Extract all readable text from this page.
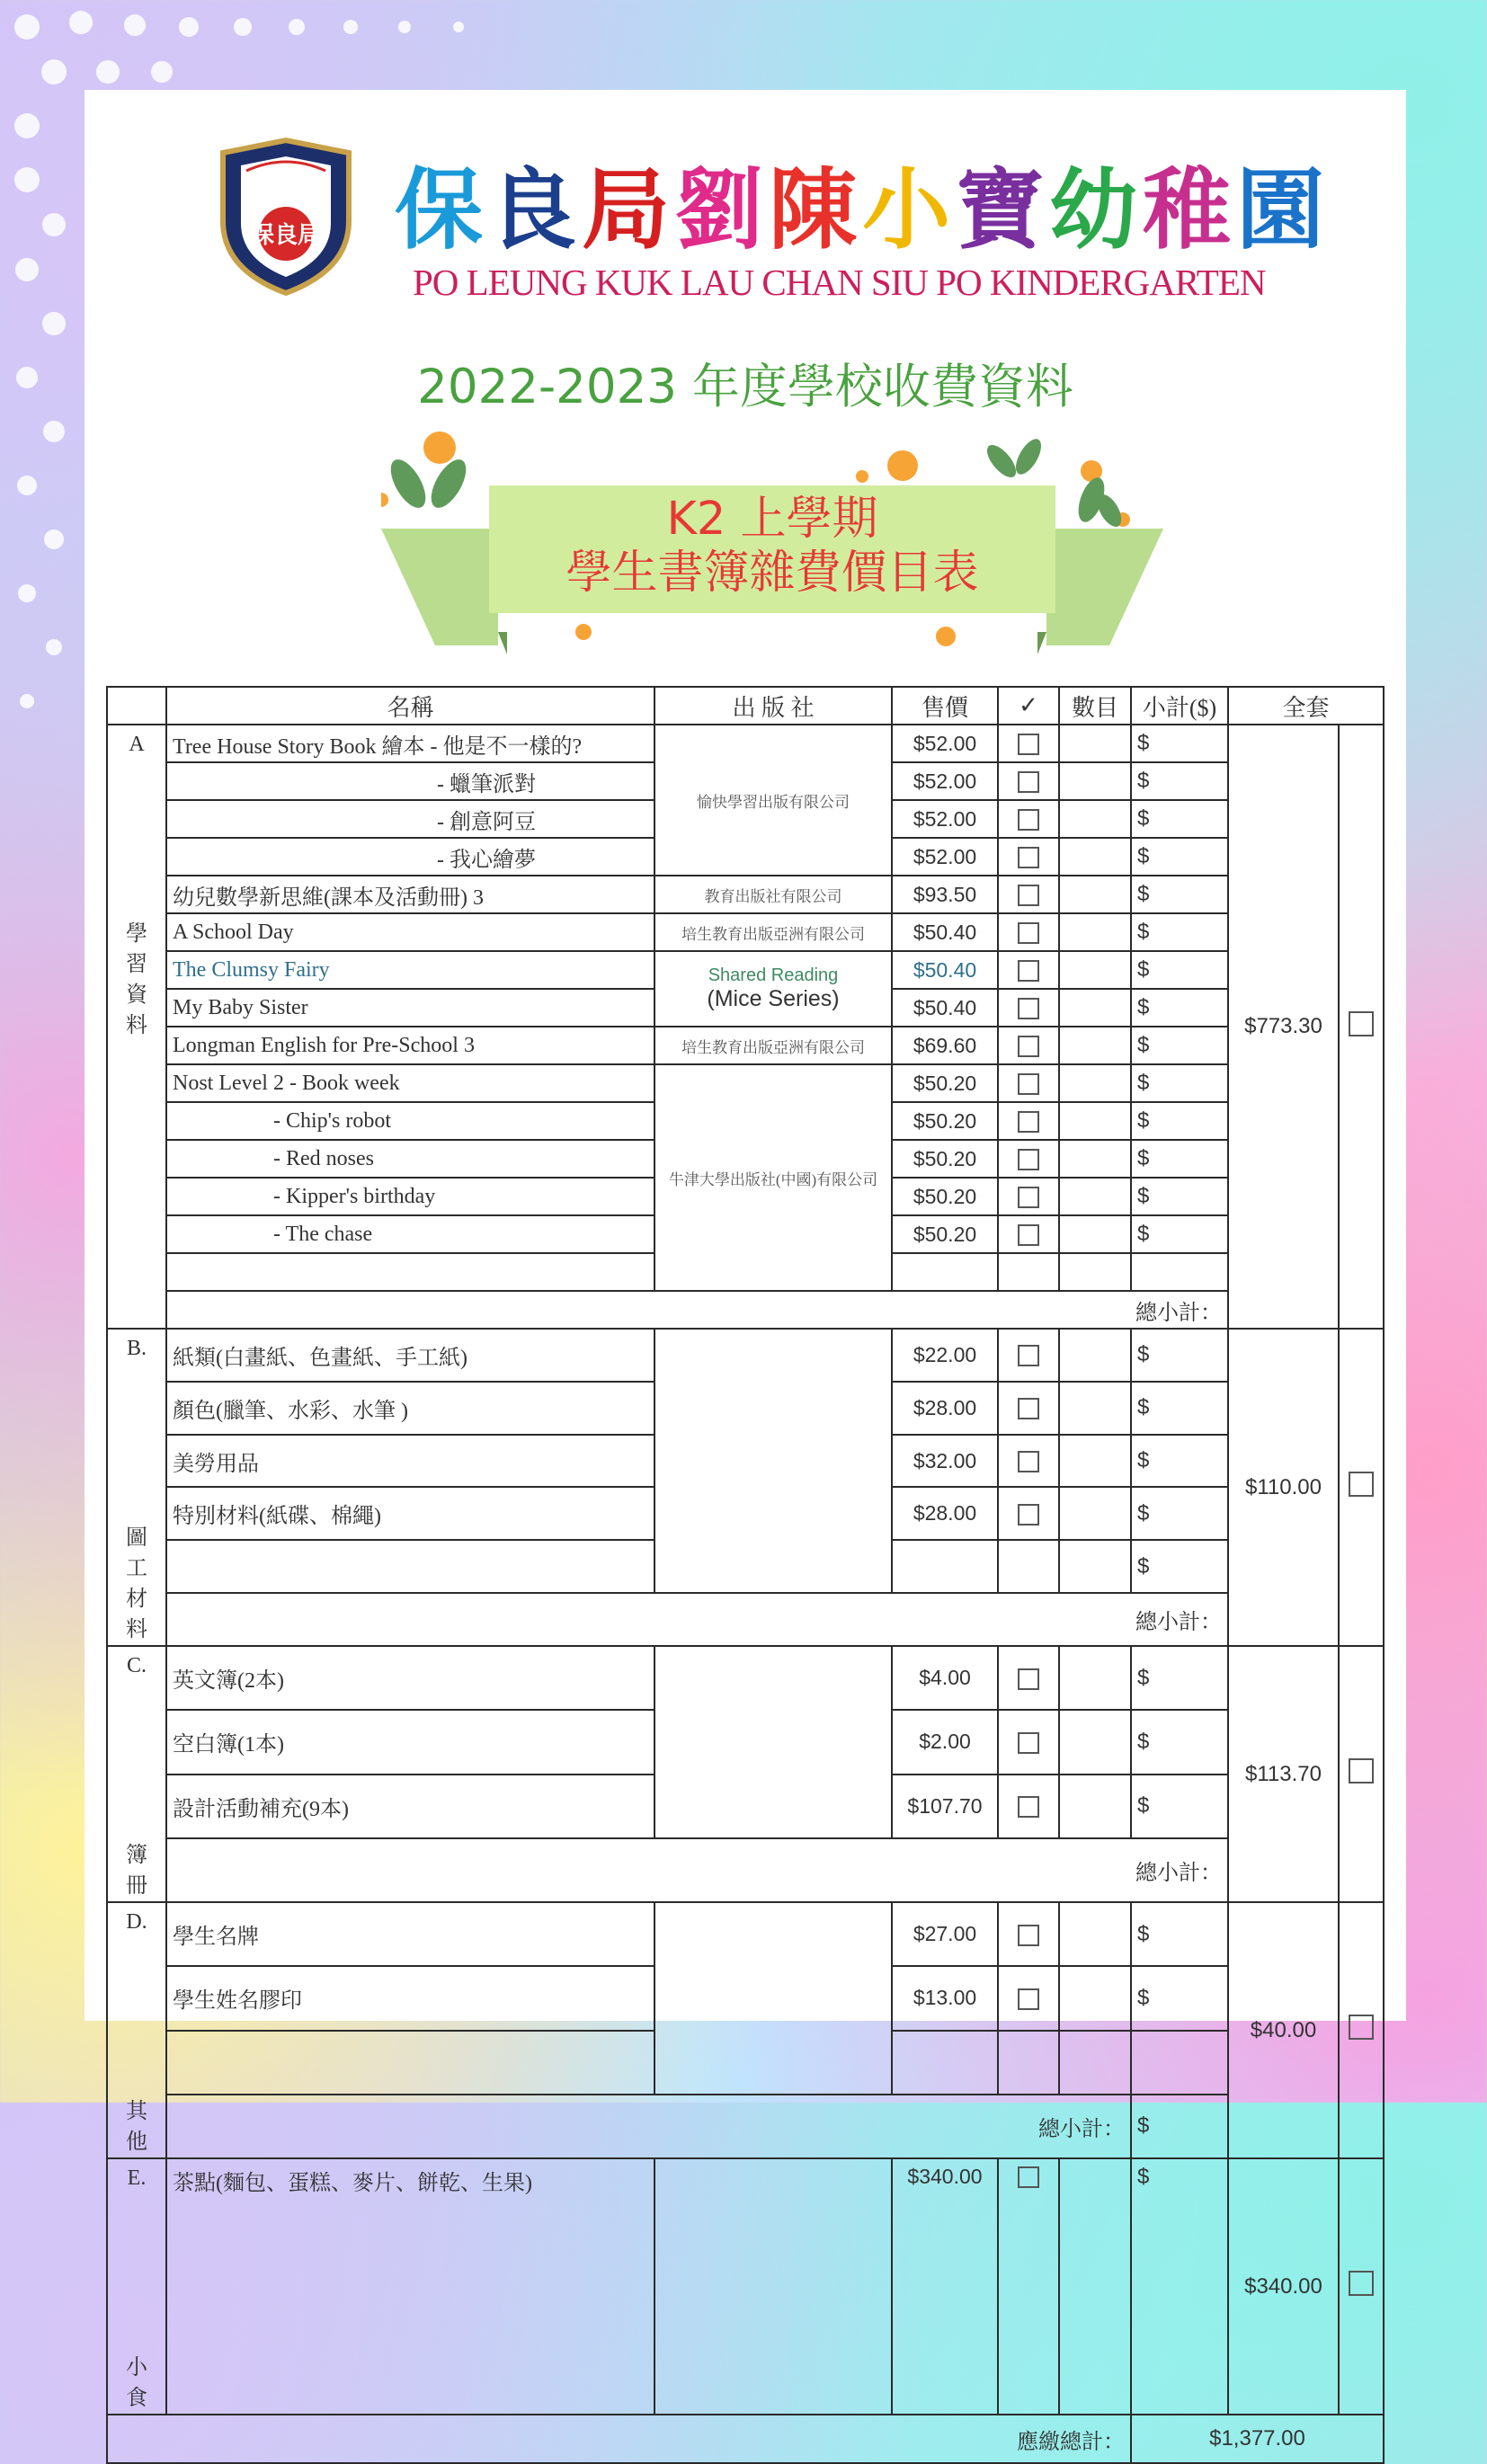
保良局 保良局劉陳小寶幼稚園
PO LEUNG KUK LAU CHAN SIU PO KINDERGARTEN
2022-2023 年度學校收費資料
K2 上學期
學生書簿雜費價目表
	名稱	出 版 社	售價	✓	數目	小計($)	全套	

A
學習資料	Tree House Story Book 繪本 - 他是不一樣的?	愉快學習出版有限公司	$52.00			$	$773.30	
	- 蠟筆派對		$52.00			$		
	- 創意阿豆		$52.00			$		
	- 我心繪夢		$52.00			$		
	幼兒數學新思維(課本及活動冊) 3	教育出版社有限公司	$93.50			$		
	A School Day	培生教育出版亞洲有限公司	$50.40			$		
	The Clumsy Fairy	Shared Reading
(Mice Series)	$50.40			$		
	My Baby Sister		$50.40			$		
	Longman English for Pre-School 3	培生教育出版亞洲有限公司	$69.60			$		
	Nost Level 2 - Book week	牛津大學出版社(中國)有限公司	$50.20			$		
	- Chip's robot		$50.20			$		
	- Red noses		$50.20			$		
	- Kipper's birthday		$50.20			$		
	- The chase		$50.20			$		

	總小計：							

B.
圖工材料	紙類(白畫紙、色畫紙、手工紙)		$22.00			$	$110.00	
	顏色(臘筆、水彩、水筆 )		$28.00			$		
	美勞用品		$32.00			$		
	特別材料(紙碟、棉繩)		$28.00			$		
						$		
	總小計：							

C.
簿冊	英文簿(2本)		$4.00			$	$113.70	
	空白簿(1本)		$2.00			$		
	設計活動補充(9本)		$107.70			$		
	總小計：							

D.
其他	學生名牌		$27.00			$	$40.00	
	學生姓名膠印		$13.00			$		

	總小計：					$		

E.
小食	茶點(麵包、蛋糕、麥片、餅乾、生果)		$340.00			$	$340.00	
應繳總計：						$1,377.00		
